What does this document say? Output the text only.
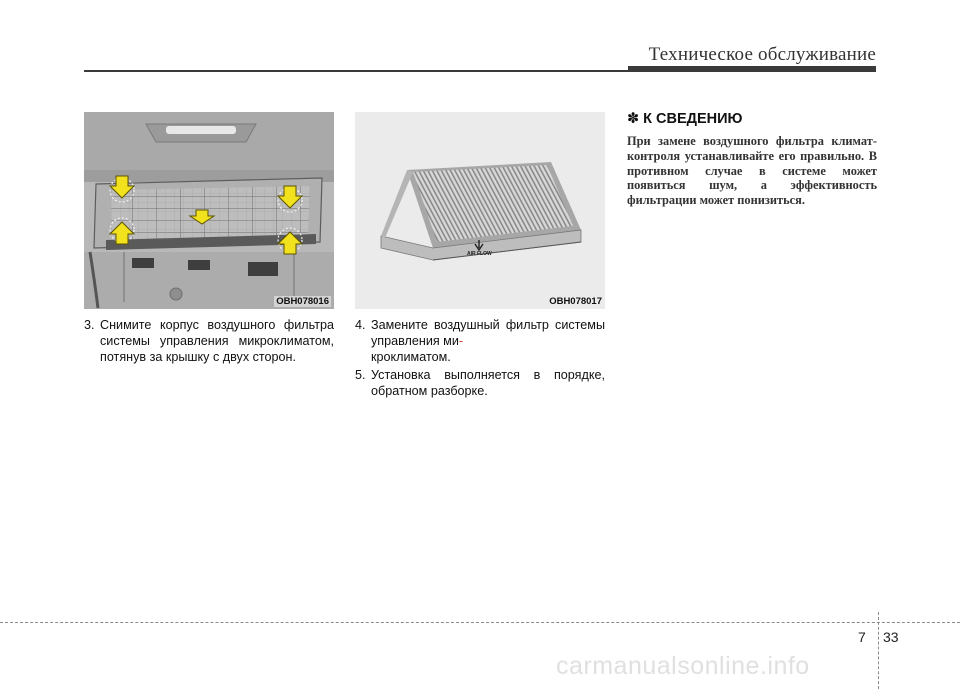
Техническое обслуживание
OBH078016
AIR FLOW
OBH078017
3. Снимите корпус воздушного фильтра системы управления микроклиматом, потянув за крышку с двух сторон.
4. Замените воздушный фильтр системы управления ми-
кроклиматом.
5. Установка выполняется в порядке, обратном разборке.
✽ К СВЕДЕНИЮ
При замене воздушного фильтра климат-контроля устанавливайте его правильно. В противном случае в системе может появиться шум, а эффективность фильтрации может понизиться.
7 33
carmanualsonline.info
